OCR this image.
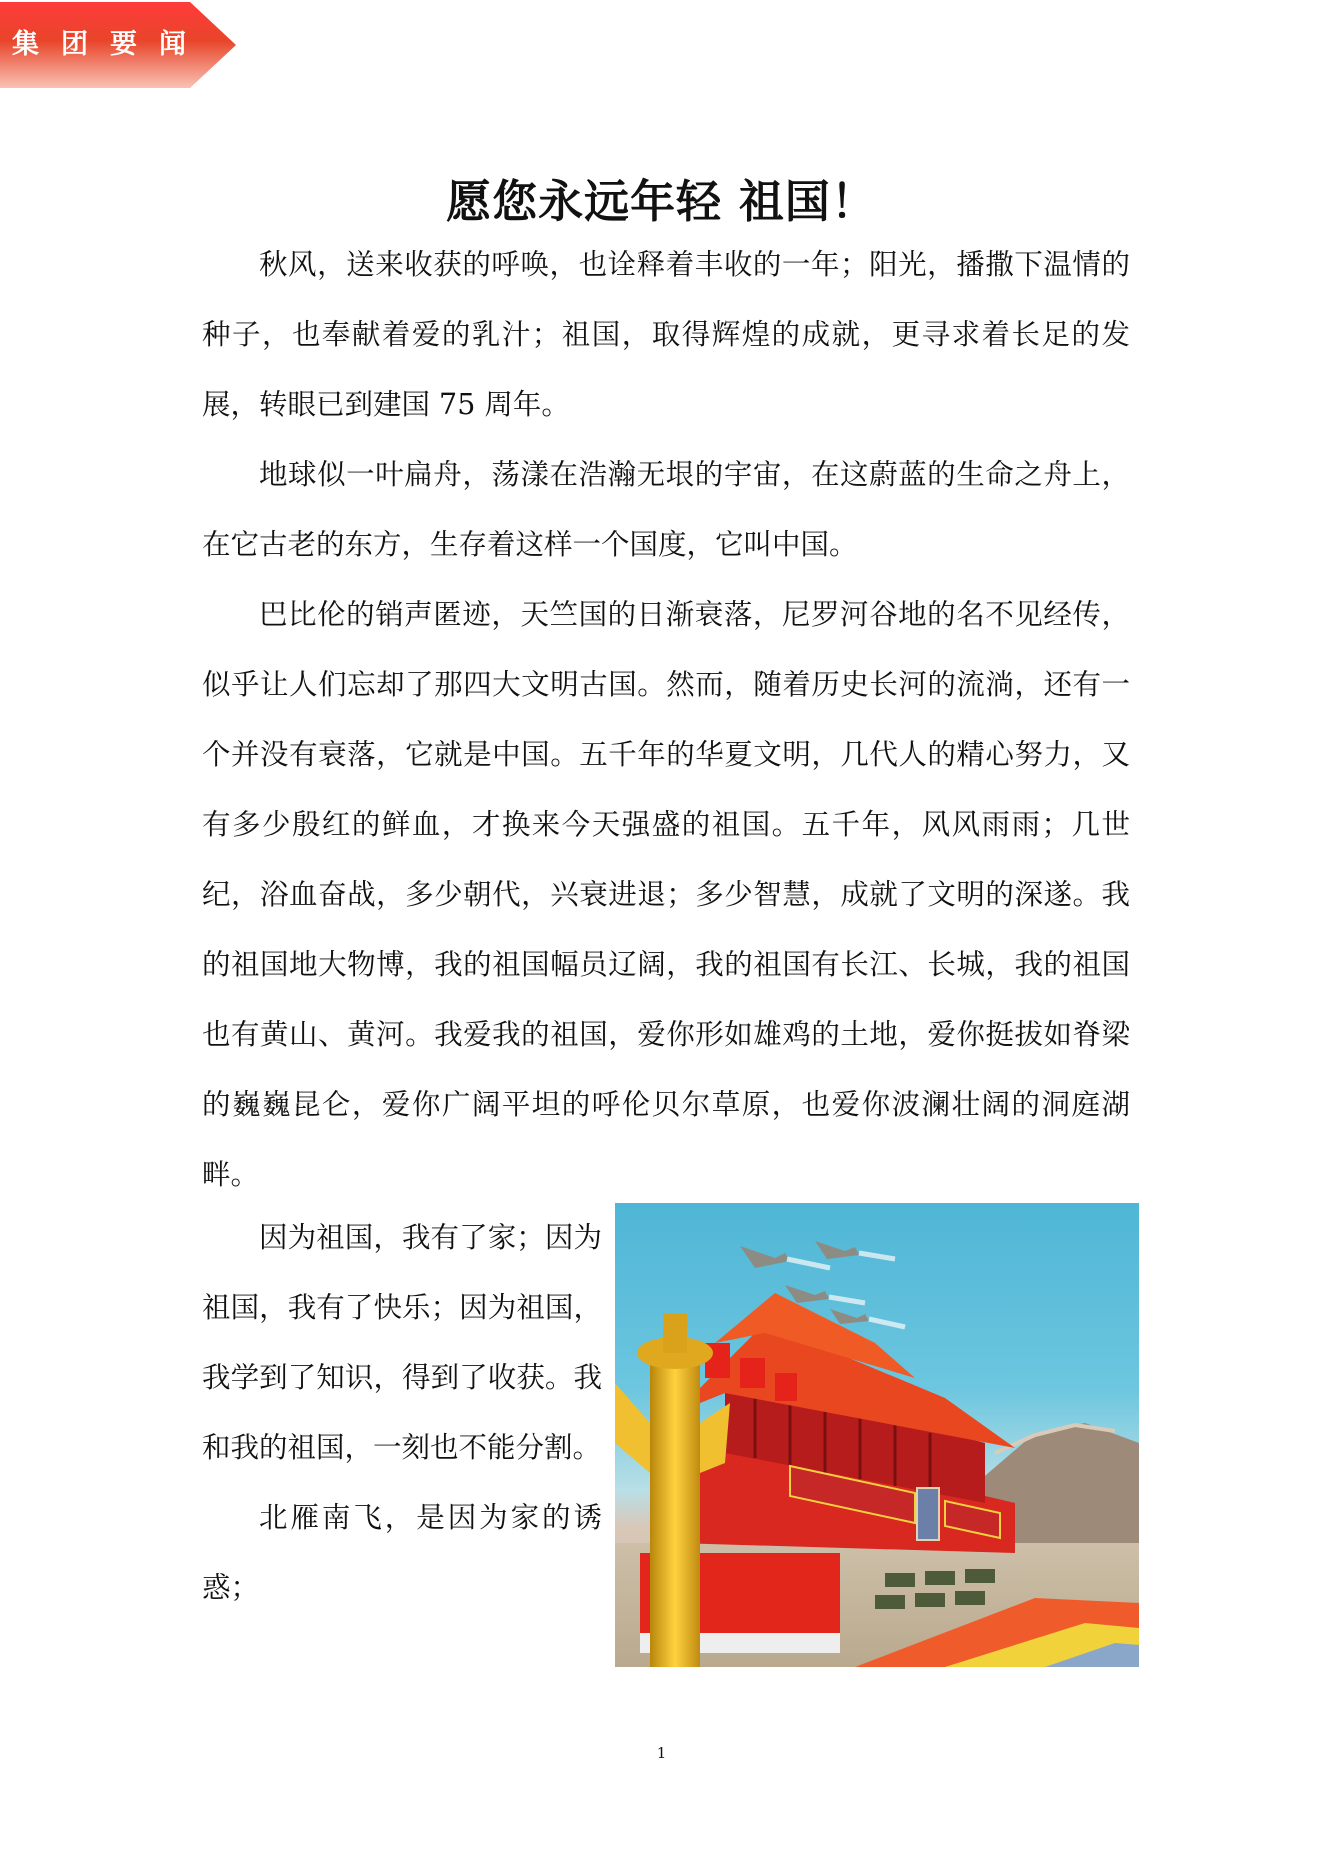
集团要闻
愿您永远年轻 祖国！

秋风，送来收获的呼唤，也诠释着丰收的一年；阳光，播撒下温情的种子，也奉献着爱的乳汁；祖国，取得辉煌的成就，更寻求着长足的发展，转眼已到建国 75 周年。

地球似一叶扁舟，荡漾在浩瀚无垠的宇宙，在这蔚蓝的生命之舟上，在它古老的东方，生存着这样一个国度，它叫中国。

巴比伦的销声匿迹，天竺国的日渐衰落，尼罗河谷地的名不见经传，似乎让人们忘却了那四大文明古国。然而，随着历史长河的流淌，还有一个并没有衰落，它就是中国。五千年的华夏文明，几代人的精心努力，又有多少殷红的鲜血，才换来今天强盛的祖国。五千年，风风雨雨；几世纪，浴血奋战，多少朝代，兴衰进退；多少智慧，成就了文明的深遂。我的祖国地大物博，我的祖国幅员辽阔，我的祖国有长江、长城，我的祖国也有黄山、黄河。我爱我的祖国，爱你形如雄鸡的土地，爱你挺拔如脊梁的巍巍昆仑，爱你广阔平坦的呼伦贝尔草原，也爱你波澜壮阔的洞庭湖畔。

因为祖国，我有了家；因为祖国，我有了快乐；因为祖国，我学到了知识，得到了收获。我和我的祖国，一刻也不能分割。

北雁南飞，是因为家的诱惑；

1
